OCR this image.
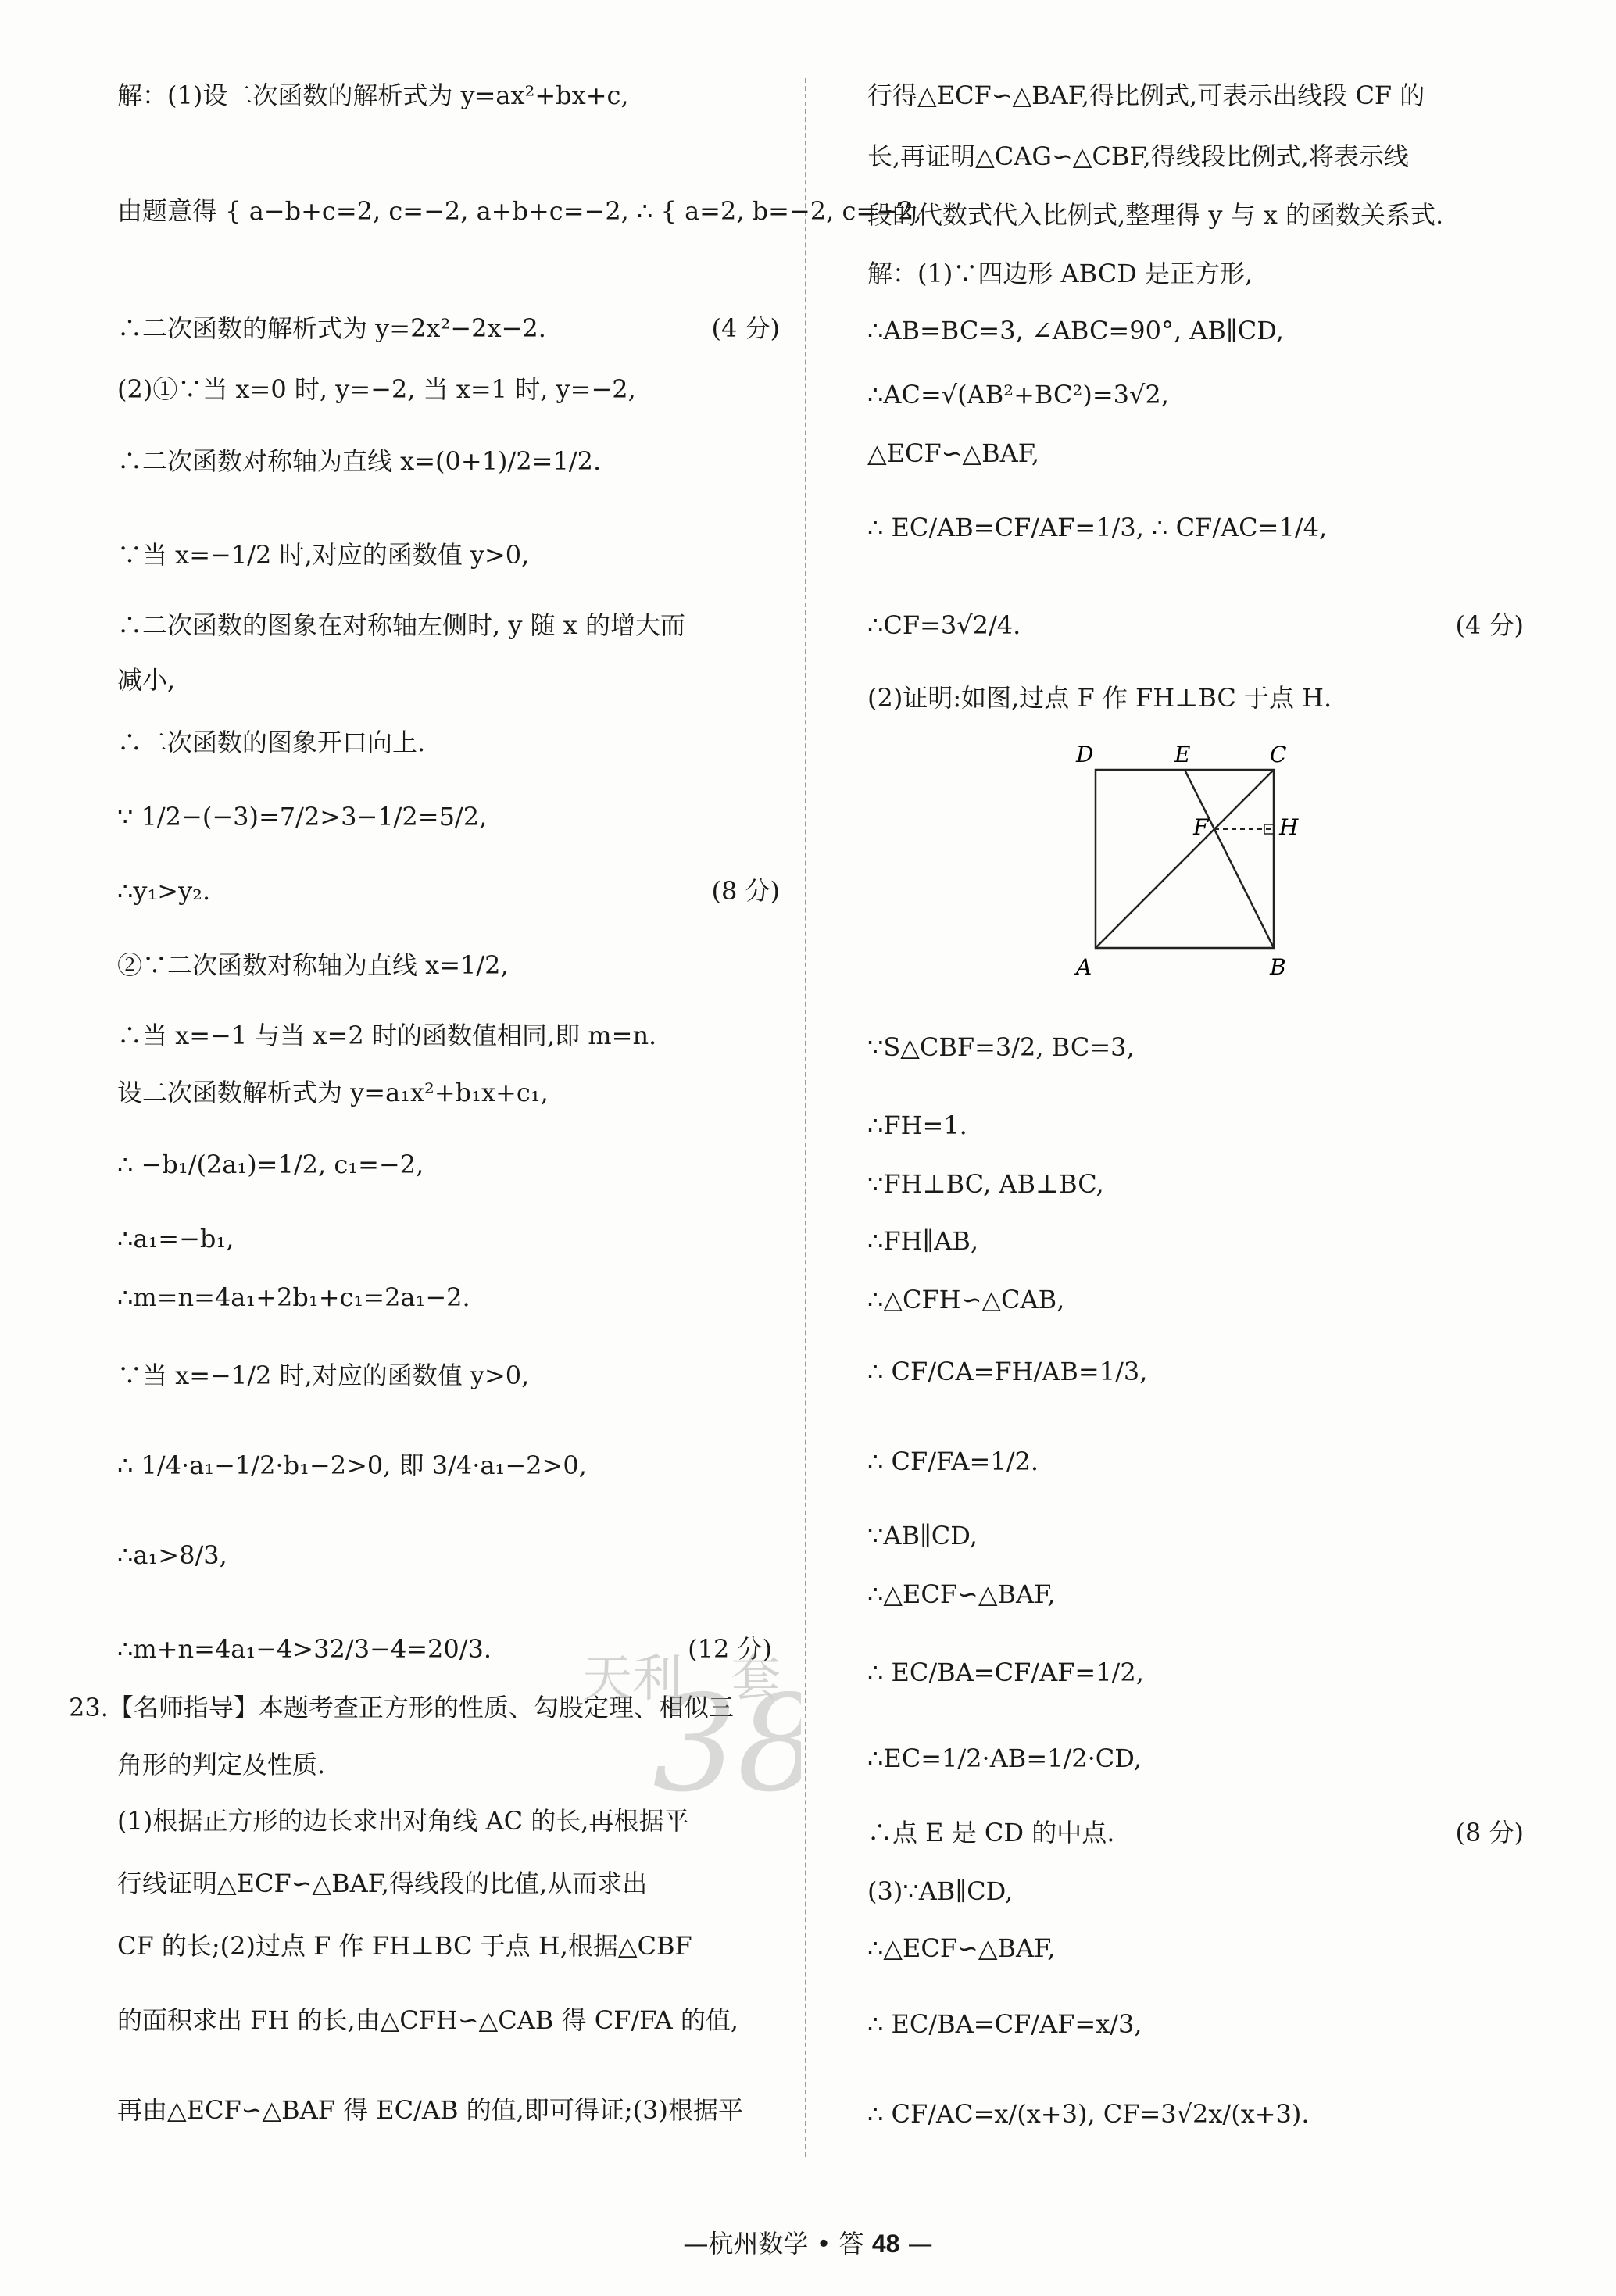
解：(1)设二次函数的解析式为 y=ax²+bx+c,
由题意得 { a−b+c=2, c=−2, a+b+c=−2, ∴ { a=2, b=−2, c=−2,
∴二次函数的解析式为 y=2x²−2x−2.	(4 分)
(2)①∵当 x=0 时, y=−2, 当 x=1 时, y=−2,
∴二次函数对称轴为直线 x=(0+1)/2=1/2.
∵当 x=−1/2 时,对应的函数值 y>0,
∴二次函数的图象在对称轴左侧时, y 随 x 的增大而
减小,
∴二次函数的图象开口向上.
∵ 1/2−(−3)=7/2>3−1/2=5/2,
∴y₁>y₂.	(8 分)
②∵二次函数对称轴为直线 x=1/2,
∴当 x=−1 与当 x=2 时的函数值相同,即 m=n.
设二次函数解析式为 y=a₁x²+b₁x+c₁,
∴ −b₁/(2a₁)=1/2, c₁=−2,
∴a₁=−b₁,
∴m=n=4a₁+2b₁+c₁=2a₁−2.
∵当 x=−1/2 时,对应的函数值 y>0,
∴ 1/4·a₁−1/2·b₁−2>0, 即 3/4·a₁−2>0,
∴a₁>8/3,
∴m+n=4a₁−4>32/3−4=20/3.	(12 分)
23.【名师指导】本题考查正方形的性质、勾股定理、相似三
角形的判定及性质.
(1)根据正方形的边长求出对角线 AC 的长,再根据平
行线证明△ECF∽△BAF,得线段的比值,从而求出
CF 的长;(2)过点 F 作 FH⊥BC 于点 H,根据△CBF
的面积求出 FH 的长,由△CFH∽△CAB 得 CF/FA 的值,
再由△ECF∽△BAF 得 EC/AB 的值,即可得证;(3)根据平
天利
3
套
行得△ECF∽△BAF,得比例式,可表示出线段 CF 的
长,再证明△CAG∽△CBF,得线段比例式,将表示线
段的代数式代入比例式,整理得 y 与 x 的函数关系式.
解：(1)∵四边形 ABCD 是正方形,
∴AB=BC=3, ∠ABC=90°, AB∥CD,
∴AC=√(AB²+BC²)=3√2,
△ECF∽△BAF,
∴ EC/AB=CF/AF=1/3, ∴ CF/AC=1/4,
∴CF=3√2/4.	(4 分)
(2)证明:如图,过点 F 作 FH⊥BC 于点 H.
∵S△CBF=3/2, BC=3,
∴FH=1.
∵FH⊥BC, AB⊥BC,
∴FH∥AB,
∴△CFH∽△CAB,
∴ CF/CA=FH/AB=1/3,
∴ CF/FA=1/2.
∵AB∥CD,
∴△ECF∽△BAF,
∴ EC/BA=CF/AF=1/2,
∴EC=1/2·AB=1/2·CD,
∴点 E 是 CD 的中点.	(8 分)
(3)∵AB∥CD,
∴△ECF∽△BAF,
∴ EC/BA=CF/AF=x/3,
∴ CF/AC=x/(x+3), CF=3√2x/(x+3).
D	E	C
F	H
A	B
—杭州数学 • 答 48 —
